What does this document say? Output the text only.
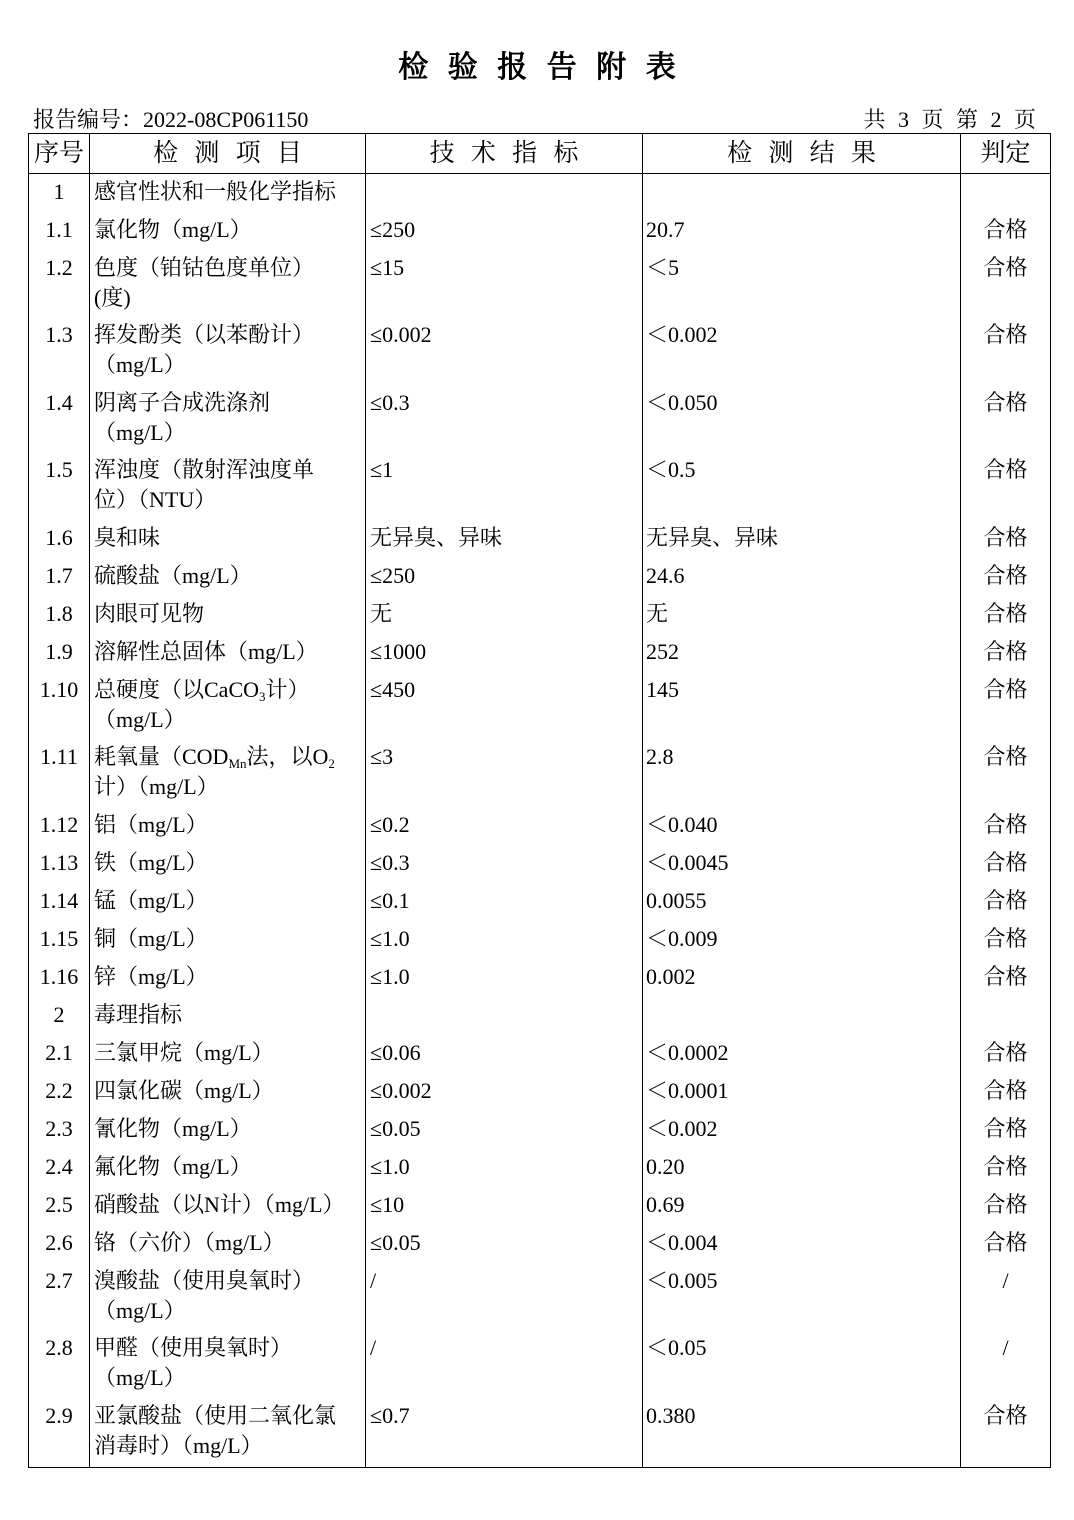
检 验 报 告 附 表
报告编号：2022-08CP061150	共 3 页 第 2 页
序号	检 测 项 目	技 术 指 标	检 测 结 果	判定
1	感官性状和一般化学指标			

1.1	氯化物（mg/L）	≤250	20.7	合格
1.2	色度（铂钴色度单位）
(度)	≤15	＜5	合格
1.3	挥发酚类（以苯酚计）
（mg/L）	≤0.002	＜0.002	合格
1.4	阴离子合成洗涤剂
（mg/L）	≤0.3	＜0.050	合格
1.5	浑浊度（散射浑浊度单
位）（NTU）	≤1	＜0.5	合格
1.6	臭和味	无异臭、异味	无异臭、异味	合格
1.7	硫酸盐（mg/L）	≤250	24.6	合格
1.8	肉眼可见物	无	无	合格
1.9	溶解性总固体（mg/L）	≤1000	252	合格
1.10	总硬度（以CaCO$_3$计）
（mg/L）	≤450	145	合格
1.11	耗氧量（$COD_{Mn}$法，以$O_2$
计）（mg/L）	≤3	2.8	合格
1.12	铝（mg/L）	≤0.2	＜0.040	合格
1.13	铁（mg/L）	≤0.3	＜0.0045	合格
1.14	锰（mg/L）	≤0.1	0.0055	合格
1.15	铜（mg/L）	≤1.0	＜0.009	合格
1.16	锌（mg/L）	≤1.0	0.002	合格
2	毒理指标			

2.1	三氯甲烷（mg/L）	≤0.06	＜0.0002	合格
2.2	四氯化碳（mg/L）	≤0.002	＜0.0001	合格
2.3	氰化物（mg/L）	≤0.05	＜0.002	合格
2.4	氟化物（mg/L）	≤1.0	0.20	合格
2.5	硝酸盐（以N计）（mg/L）	≤10	0.69	合格
2.6	铬（六价）（mg/L）	≤0.05	＜0.004	合格
2.7	溴酸盐（使用臭氧时）
（mg/L）	/	＜0.005	/
2.8	甲醛（使用臭氧时）
（mg/L）	/	＜0.05	/
2.9	亚氯酸盐（使用二氧化氯
消毒时）（mg/L）	≤0.7	0.380	合格
